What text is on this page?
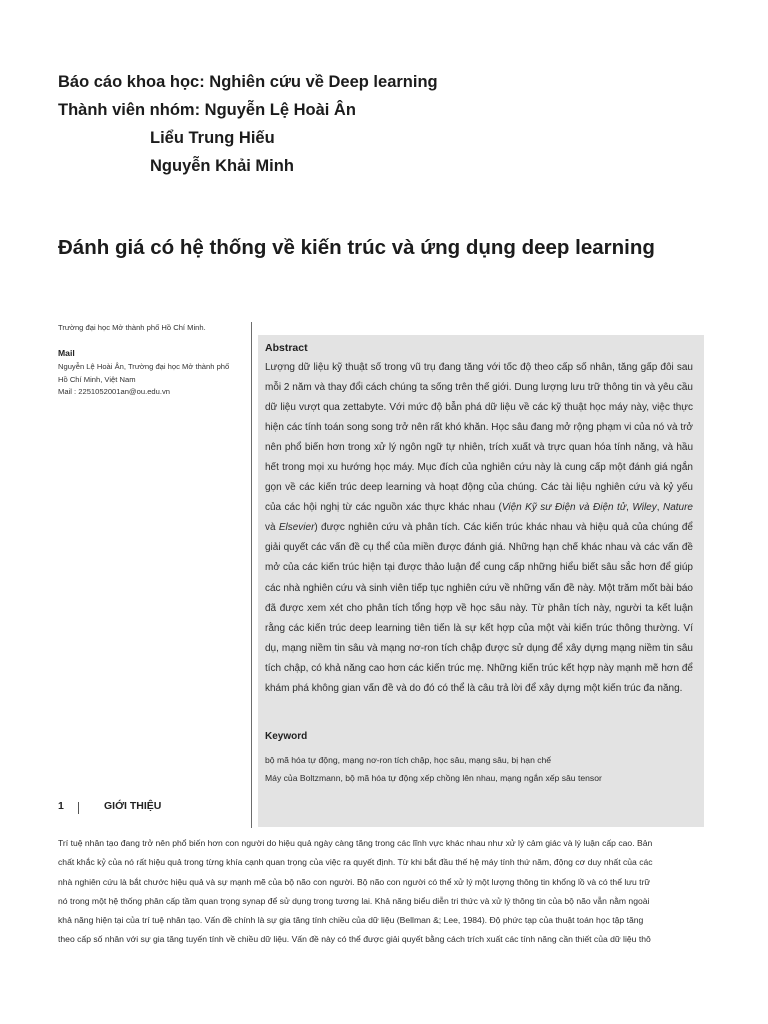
Báo cáo khoa học: Nghiên cứu về Deep learning
Thành viên nhóm: Nguyễn Lệ Hoài Ân
Liểu Trung Hiếu
Nguyễn Khải Minh
Đánh giá có hệ thống về kiến trúc và ứng dụng deep learning
Trường đại học Mở thành phố Hồ Chí Minh.
Mail
Nguyễn Lệ Hoài Ân, Trường đại học Mở thành phố
Hồ Chí Minh, Việt Nam
Mail : 2251052001an@ou.edu.vn
Abstract
Lượng dữ liệu kỹ thuật số trong vũ trụ đang tăng với tốc độ theo cấp số nhân, tăng gấp đôi sau mỗi 2 năm và thay đổi cách chúng ta sống trên thế giới. Dung lượng lưu trữ thông tin và yêu cầu dữ liệu vượt qua zettabyte. Với mức độ bẫn phá dữ liệu về các kỹ thuật học máy này, việc thực hiện các tính toán song song trở nên rất khó khăn. Học sâu đang mở rộng phạm vi của nó và trở nên phổ biến hơn trong xử lý ngôn ngữ tự nhiên, trích xuất và trực quan hóa tính năng, và hầu hết trong mọi xu hướng học máy. Mục đích của nghiên cứu này là cung cấp một đánh giá ngắn gọn về các kiến trúc deep learning và hoạt động của chúng. Các tài liệu nghiên cứu và kỷ yếu của các hội nghị từ các nguồn xác thực khác nhau (Viện Kỹ sư Điện và Điện tử, Wiley, Nature và Elsevier) được nghiên cứu và phân tích. Các kiến trúc khác nhau và hiệu quả của chúng để giải quyết các vấn đề cụ thể của miền được đánh giá. Những hạn chế khác nhau và các vấn đề mở của các kiến trúc hiện tại được thảo luận để cung cấp những hiểu biết sâu sắc hơn để giúp các nhà nghiên cứu và sinh viên tiếp tục nghiên cứu về những vấn đề này. Một trăm mốt bài báo đã được xem xét cho phân tích tổng hợp về học sâu này. Từ phân tích này, người ta kết luận rằng các kiến trúc deep learning tiên tiến là sự kết hợp của một vài kiến trúc thông thường. Ví dụ, mạng niềm tin sâu và mạng nơ-ron tích chập được sử dụng để xây dựng mạng niềm tin sâu tích chập, có khả năng cao hơn các kiến trúc mẹ. Những kiến trúc kết hợp này mạnh mẽ hơn để khám phá không gian vấn đề và do đó có thể là câu trả lời để xây dựng một kiến trúc đa năng.
Keyword
bộ mã hóa tự động, mạng nơ-ron tích chập, học sâu, mạng sâu, bị hạn chế
Máy của Boltzmann, bộ mã hóa tự động xếp chồng lên nhau, mạng ngắn xếp sâu tensor
1	GIỚI THIỆU
Trí tuệ nhân tạo đang trở nên phổ biến hơn con người do hiệu quả ngày càng tăng trong các lĩnh vực khác nhau như xử lý cảm giác và lý luận cấp cao. Bản
chất khắc kỷ của nó rất hiệu quả trong từng khía cạnh quan trọng của việc ra quyết định. Từ khi bắt đầu thế hệ máy tính thứ năm, động cơ duy nhất của các
nhà nghiên cứu là bắt chước hiệu quả và sự mạnh mẽ của bộ não con người. Bộ não con người có thể xử lý một lượng thông tin khổng lồ và có thể lưu trữ
nó trong một hệ thống phân cấp tầm quan trọng synap để sử dụng trong tương lai. Khả năng biểu diễn tri thức và xử lý thông tin của bộ não vẫn nằm ngoài
khả năng hiện tại của trí tuệ nhân tạo. Vấn đề chính là sự gia tăng tính chiều của dữ liệu (Bellman &; Lee, 1984). Độ phức tạp của thuật toán học tập tăng
theo cấp số nhân với sự gia tăng tuyến tính về chiều dữ liệu. Vấn đề này có thể được giải quyết bằng cách trích xuất các tính năng cần thiết của dữ liệu thô
